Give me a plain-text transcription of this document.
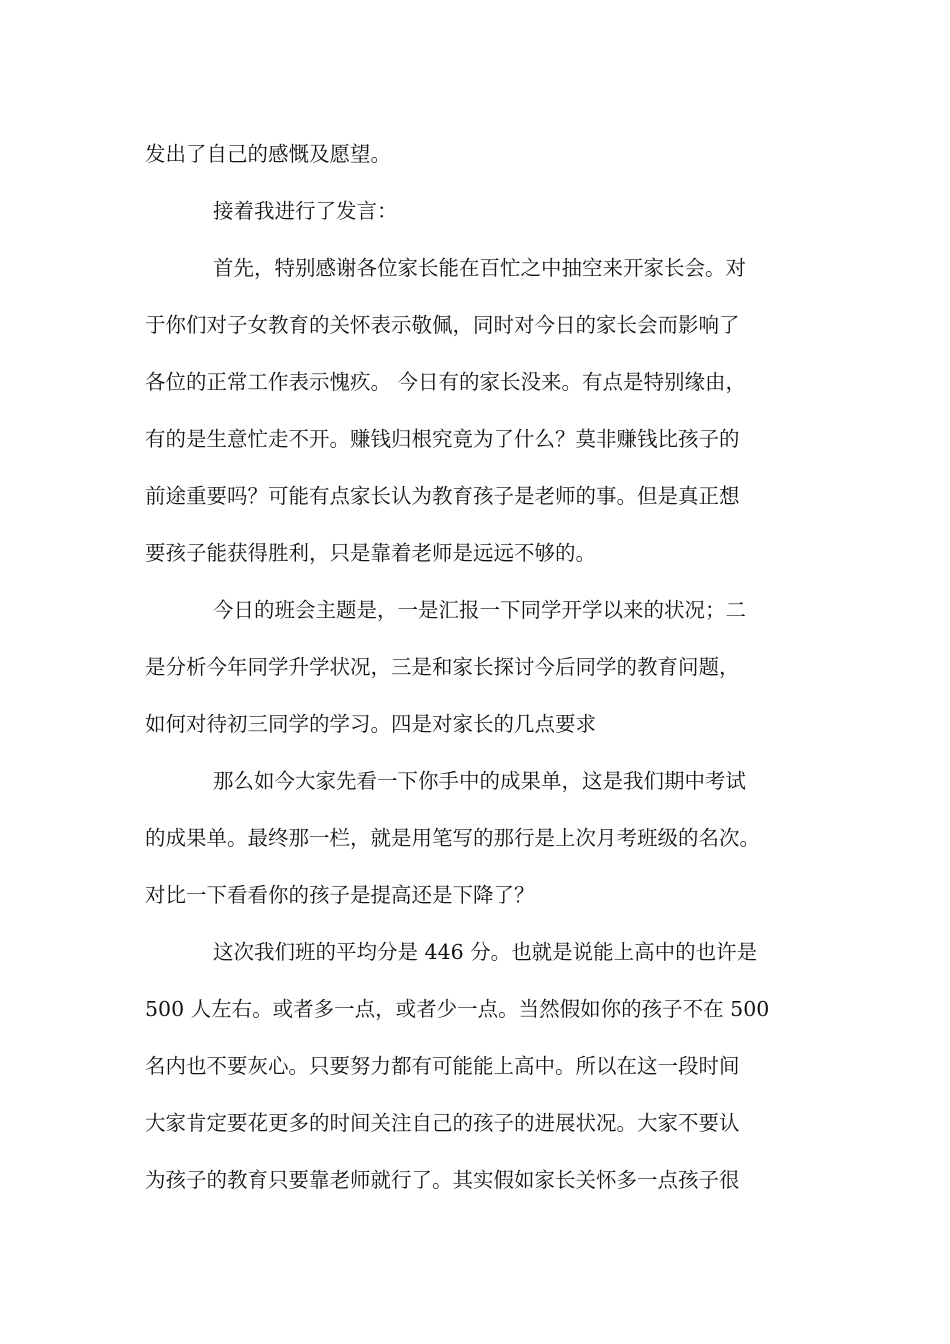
发出了自己的感慨及愿望。
接着我进行了发言：
首先，特别感谢各位家长能在百忙之中抽空来开家长会。对
于你们对子女教育的关怀表示敬佩，同时对今日的家长会而影响了
各位的正常工作表示愧疚。 今日有的家长没来。有点是特别缘由，
有的是生意忙走不开。赚钱归根究竟为了什么？莫非赚钱比孩子的
前途重要吗？可能有点家长认为教育孩子是老师的事。但是真正想
要孩子能获得胜利，只是靠着老师是远远不够的。
今日的班会主题是，一是汇报一下同学开学以来的状况；二
是分析今年同学升学状况，三是和家长探讨今后同学的教育问题，
如何对待初三同学的学习。四是对家长的几点要求
那么如今大家先看一下你手中的成果单，这是我们期中考试
的成果单。最终那一栏，就是用笔写的那行是上次月考班级的名次。
对比一下看看你的孩子是提高还是下降了？
这次我们班的平均分是 446 分。也就是说能上高中的也许是
500 人左右。或者多一点，或者少一点。当然假如你的孩子不在 500
名内也不要灰心。只要努力都有可能能上高中。所以在这一段时间
大家肯定要花更多的时间关注自己的孩子的进展状况。大家不要认
为孩子的教育只要靠老师就行了。其实假如家长关怀多一点孩子很
